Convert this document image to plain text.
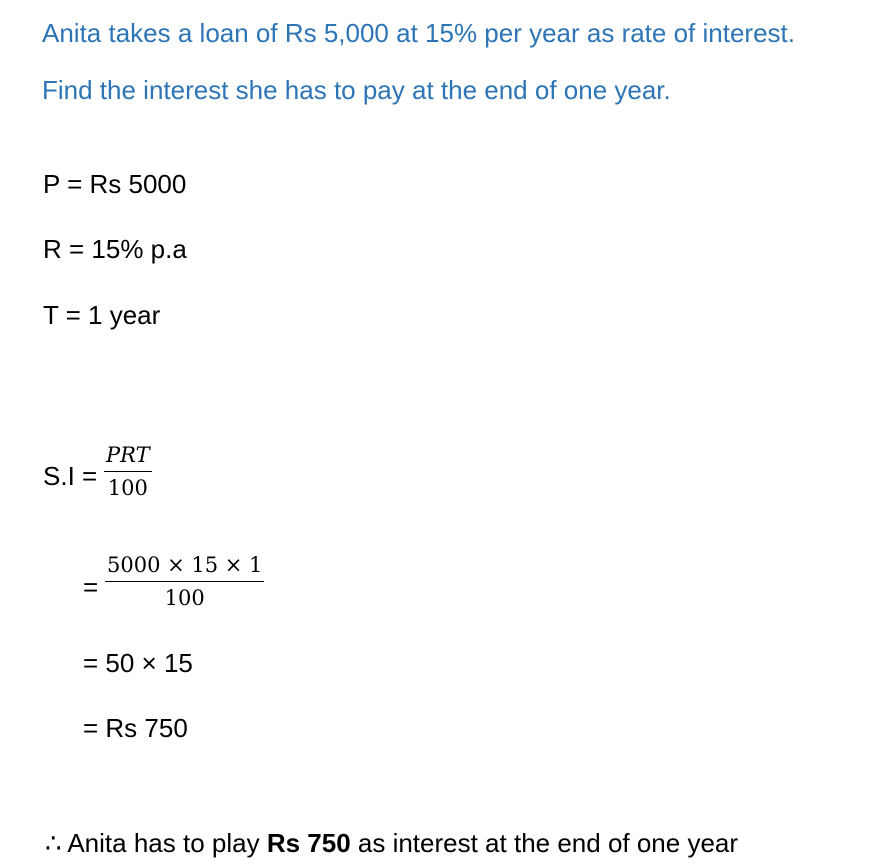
Anita takes a loan of Rs 5,000 at 15% per year as rate of interest.
Find the interest she has to pay at the end of one year.
P = Rs 5000
R = 15% p.a
T = 1 year
S.I =
PRT
100
= $\frac{5000 \times 15 \times 1}{100}$
= 50 × 15
= Rs 750
∴ Anita has to play Rs 750 as interest at the end of one year
